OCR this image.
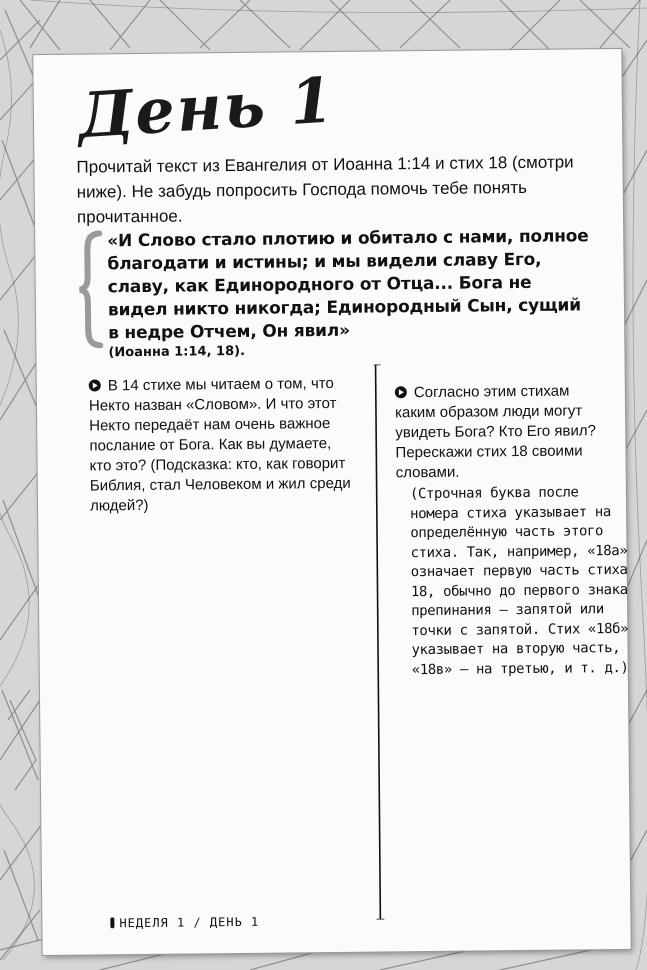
День 1

Прочитай текст из Евангелия от Иоанна 1:14 и стих 18 (смотри ниже). Не забудь попросить Господа помочь тебе понять прочитанное.

«И Слово стало плотию и обитало с нами, полное благодати и истины; и мы видели славу Его, славу, как Единородного от Отца... Бога не видел никто никогда; Единородный Сын, сущий в недре Отчем, Он явил»
(Иоанна 1:14, 18).

В 14 стихе мы читаем о том, что Некто назван «Словом». И что этот Некто передаёт нам очень важное послание от Бога. Как вы думаете, кто это? (Подсказка: кто, как говорит Библия, стал Человеком и жил среди людей?)

Согласно этим стихам каким образом люди могут увидеть Бога? Кто Его явил? Перескажи стих 18 своими словами.

(Строчная буква после номера стиха указывает на определённую часть этого стиха. Так, например, «18а» означает первую часть стиха 18, обычно до первого знака препинания — запятой или точки с запятой. Стих «18б» указывает на вторую часть, «18в» — на третью, и т. д.)

НЕДЕЛЯ 1 / ДЕНЬ 1
